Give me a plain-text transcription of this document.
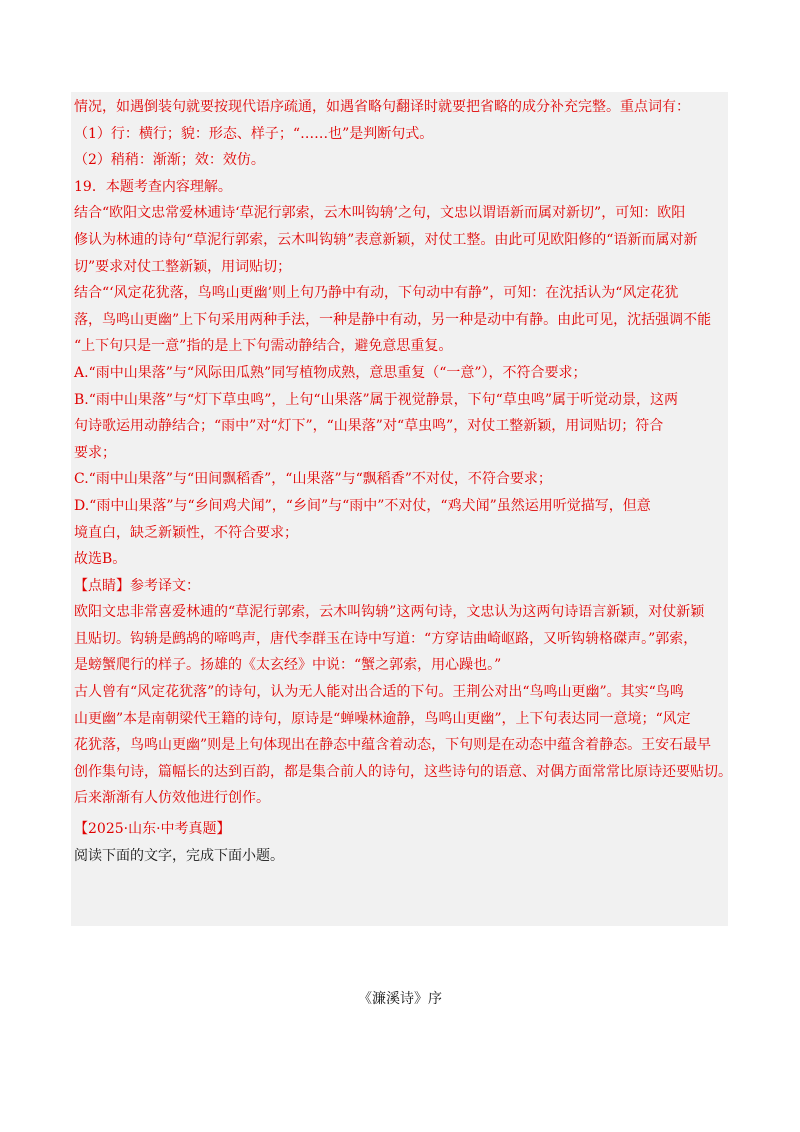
情况，如遇倒装句就要按现代语序疏通，如遇省略句翻译时就要把省略的成分补充完整。重点词有：
（1）行：横行；貌：形态、样子；“……也”是判断句式。
（2）稍稍：渐渐；效：效仿。
19．本题考查内容理解。
结合“欧阳文忠常爱林逋诗‘草泥行郭索，云木叫钩辀’之句，文忠以谓语新而属对新切”，可知：欧阳
修认为林逋的诗句“草泥行郭索，云木叫钩辀”表意新颖，对仗工整。由此可见欧阳修的“语新而属对新
切”要求对仗工整新颖，用词贴切；
结合“‘风定花犹落，鸟鸣山更幽’则上句乃静中有动，下句动中有静”，可知：在沈括认为“风定花犹
落，鸟鸣山更幽”上下句采用两种手法，一种是静中有动，另一种是动中有静。由此可见，沈括强调不能
“上下句只是一意”指的是上下句需动静结合，避免意思重复。
A.“雨中山果落”与“风际田瓜熟”同写植物成熟，意思重复（“一意”），不符合要求；
B.“雨中山果落”与“灯下草虫鸣”，上句“山果落”属于视觉静景，下句“草虫鸣”属于听觉动景，这两
句诗歌运用动静结合；“雨中”对“灯下”，“山果落”对“草虫鸣”，对仗工整新颖，用词贴切；符合
要求；
C.“雨中山果落”与“田间飘稻香”，“山果落”与“飘稻香”不对仗，不符合要求；
D.“雨中山果落”与“乡间鸡犬闻”，“乡间”与“雨中”不对仗，“鸡犬闻”虽然运用听觉描写，但意
境直白，缺乏新颖性，不符合要求；
故选B。
【点睛】参考译文：
欧阳文忠非常喜爱林逋的“草泥行郭索，云木叫钩辀”这两句诗，文忠认为这两句诗语言新颖，对仗新颖
且贴切。钩辀是鹧鸪的啼鸣声，唐代李群玉在诗中写道：“方穿诘曲崎岖路，又听钩辀格磔声。”郭索，
是螃蟹爬行的样子。扬雄的《太玄经》中说：“蟹之郭索，用心躁也。”
古人曾有“风定花犹落”的诗句，认为无人能对出合适的下句。王荆公对出“鸟鸣山更幽”。其实“鸟鸣
山更幽”本是南朝梁代王籍的诗句，原诗是“蝉噪林逾静，鸟鸣山更幽”，上下句表达同一意境；“风定
花犹落，鸟鸣山更幽”则是上句体现出在静态中蕴含着动态，下句则是在动态中蕴含着静态。王安石最早
创作集句诗，篇幅长的达到百韵，都是集合前人的诗句，这些诗句的语意、对偶方面常常比原诗还要贴切。
后来渐渐有人仿效他进行创作。
【2025·山东·中考真题】
阅读下面的文字，完成下面小题。
《濂溪诗》序
